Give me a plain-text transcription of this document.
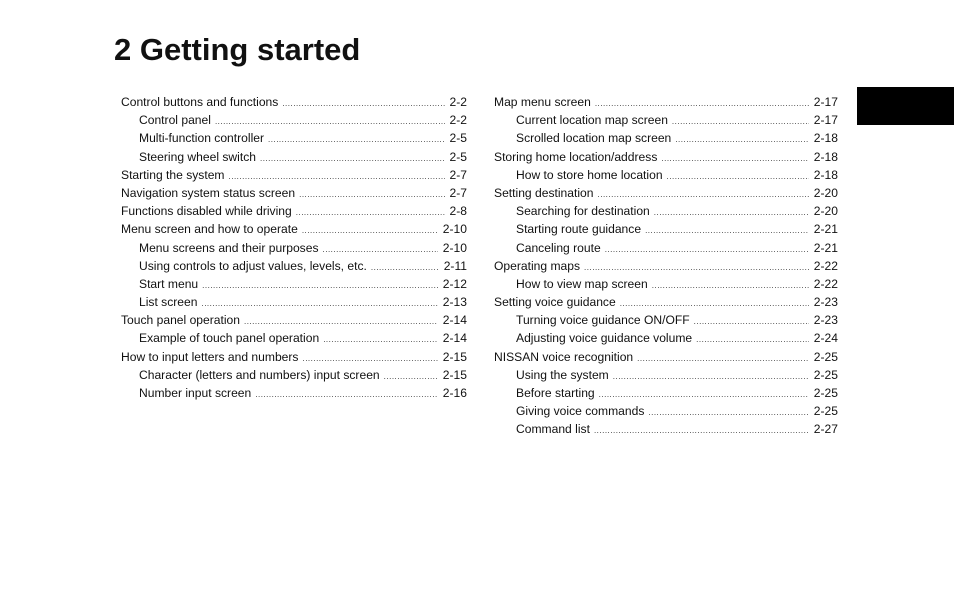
2 Getting started
Control buttons and functions .....	2-2
Control panel .....	2-2
Multi-function controller .....	2-5
Steering wheel switch .....	2-5
Starting the system .....	2-7
Navigation system status screen .....	2-7
Functions disabled while driving .....	2-8
Menu screen and how to operate .....	2-10
Menu screens and their purposes .....	2-10
Using controls to adjust values, levels, etc. .....	2-11
Start menu .....	2-12
List screen .....	2-13
Touch panel operation .....	2-14
Example of touch panel operation .....	2-14
How to input letters and numbers .....	2-15
Character (letters and numbers) input screen .....	2-15
Number input screen .....	2-16
Map menu screen .....	2-17
Current location map screen .....	2-17
Scrolled location map screen .....	2-18
Storing home location/address .....	2-18
How to store home location .....	2-18
Setting destination .....	2-20
Searching for destination .....	2-20
Starting route guidance .....	2-21
Canceling route .....	2-21
Operating maps .....	2-22
How to view map screen .....	2-22
Setting voice guidance .....	2-23
Turning voice guidance ON/OFF .....	2-23
Adjusting voice guidance volume .....	2-24
NISSAN voice recognition .....	2-25
Using the system .....	2-25
Before starting .....	2-25
Giving voice commands .....	2-25
Command list .....	2-27
